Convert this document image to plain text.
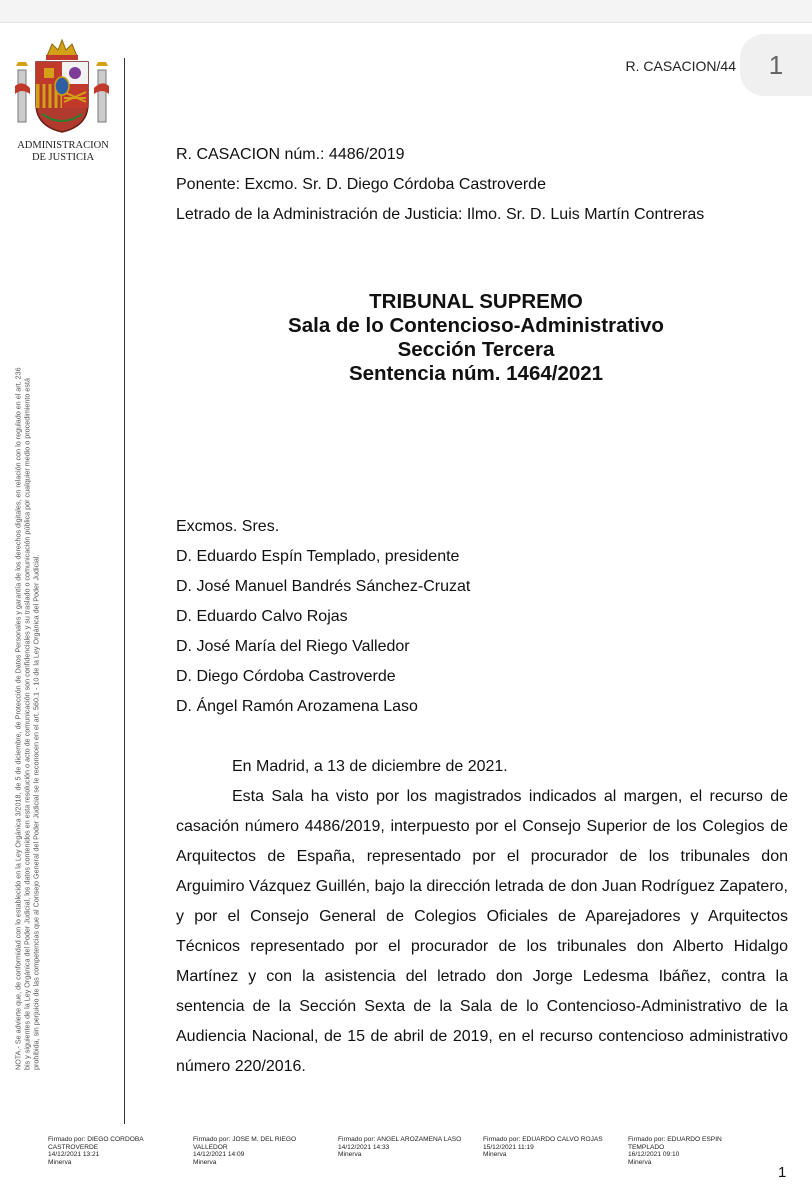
1
ADMINISTRACION
DE JUSTICIA
NOTA.- Se advierte que, de conformidad con lo establecido en la Ley Orgánica 3/2018, de 5 de diciembre, de Protección de Datos Personales y garantía de los derechos digitales, en relación con lo regulado en el art. 236 bis y siguientes de la Ley Orgánica del Poder Judicial, los datos contenidos en esta resolución o acto de comunicación son confidenciales y su traslado o comunicación pública por cualquier medio o procedimiento está prohibida, sin perjuicio de las competencias que al Consejo General del Poder Judicial se le reconocen en el art. 560.1 - 10 de la Ley Orgánica del Poder Judicial.
R. CASACION/44
R. CASACION núm.: 4486/2019
Ponente: Excmo. Sr. D. Diego Córdoba Castroverde
Letrado de la Administración de Justicia: Ilmo. Sr. D. Luis Martín Contreras
TRIBUNAL SUPREMO
Sala de lo Contencioso-Administrativo
Sección Tercera
Sentencia núm. 1464/2021
Excmos. Sres.
D. Eduardo Espín Templado, presidente
D. José Manuel Bandrés Sánchez-Cruzat
D. Eduardo Calvo Rojas
D. José María del Riego Valledor
D. Diego Córdoba Castroverde
D. Ángel Ramón Arozamena Laso

En Madrid, a 13 de diciembre de 2021.

Esta Sala ha visto por los magistrados indicados al margen, el recurso de casación número 4486/2019, interpuesto por el Consejo Superior de los Colegios de Arquitectos de España, representado por el procurador de los tribunales don Arguimiro Vázquez Guillén, bajo la dirección letrada de don Juan Rodríguez Zapatero, y por el Consejo General de Colegios Oficiales de Aparejadores y Arquitectos Técnicos representado por el procurador de los tribunales don Alberto Hidalgo Martínez y con la asistencia del letrado don Jorge Ledesma Ibáñez, contra la sentencia de la Sección Sexta de la Sala de lo Contencioso-Administrativo de la Audiencia Nacional, de 15 de abril de 2019, en el recurso contencioso administrativo número 220/2016.

Firmado por: DIEGO CORDOBA
CASTROVERDE
14/12/2021 13:21
Minerva
Firmado por: JOSE M. DEL RIEGO
VALLEDOR
14/12/2021 14:09
Minerva
Firmado por: ANGEL AROZAMENA LASO
14/12/2021 14:33
Minerva
Firmado por: EDUARDO CALVO ROJAS
15/12/2021 11:19
Minerva
Firmado por: EDUARDO ESPIN
TEMPLADO
16/12/2021 09:10
Minerva
1
